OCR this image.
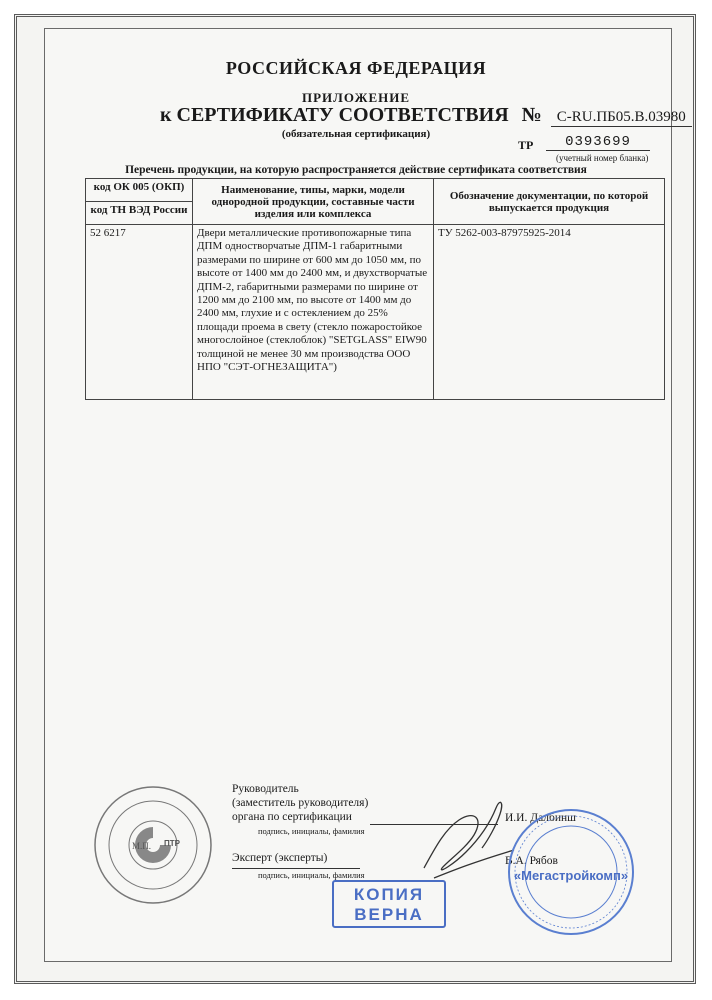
РОССИЙСКАЯ ФЕДЕРАЦИЯ
ПРИЛОЖЕНИЕ
к СЕРТИФИКАТУ СООТВЕТСТВИЯ № C-RU.ПБ05.B.03980
(обязательная сертификация)
ТР	0393699
(учетный номер бланка)
Перечень продукции, на которую распространяется действие сертификата соответствия
код ОК 005 (ОКП)	Наименование, типы, марки, модели однородной продукции, составные части изделия или комплекса	Обозначение документации, по которой выпускается продукция
код ТН ВЭД России		
52 6217	Двери металлические противопожарные типа ДПМ одностворчатые ДПМ-1 габаритными размерами по ширине от 600 мм до 1050 мм, по высоте от 1400 мм до 2400 мм, и двухстворчатые ДПМ-2, габаритными размерами по ширине от 1200 мм до 2100 мм, по высоте от 1400 мм до 2400 мм, глухие и с остеклением до 25% площади проема в свету (стекло пожаростойкое многослойное (стеклоблок) "SETGLASS" EIW90 толщиной не менее 30 мм производства ООО НПО "СЭТ-ОГНЕЗАЩИТА")	ТУ 5262-003-87975925-2014
М.П. ПТР
Руководитель
(заместитель руководителя)
органа по сертификации
подпись, инициалы, фамилия
И.И. Далбинш
Эксперт (эксперты)
подпись, инициалы, фамилия
В.А. Рябов
«Мегастройкомп»
КОПИЯ
ВЕРНА
